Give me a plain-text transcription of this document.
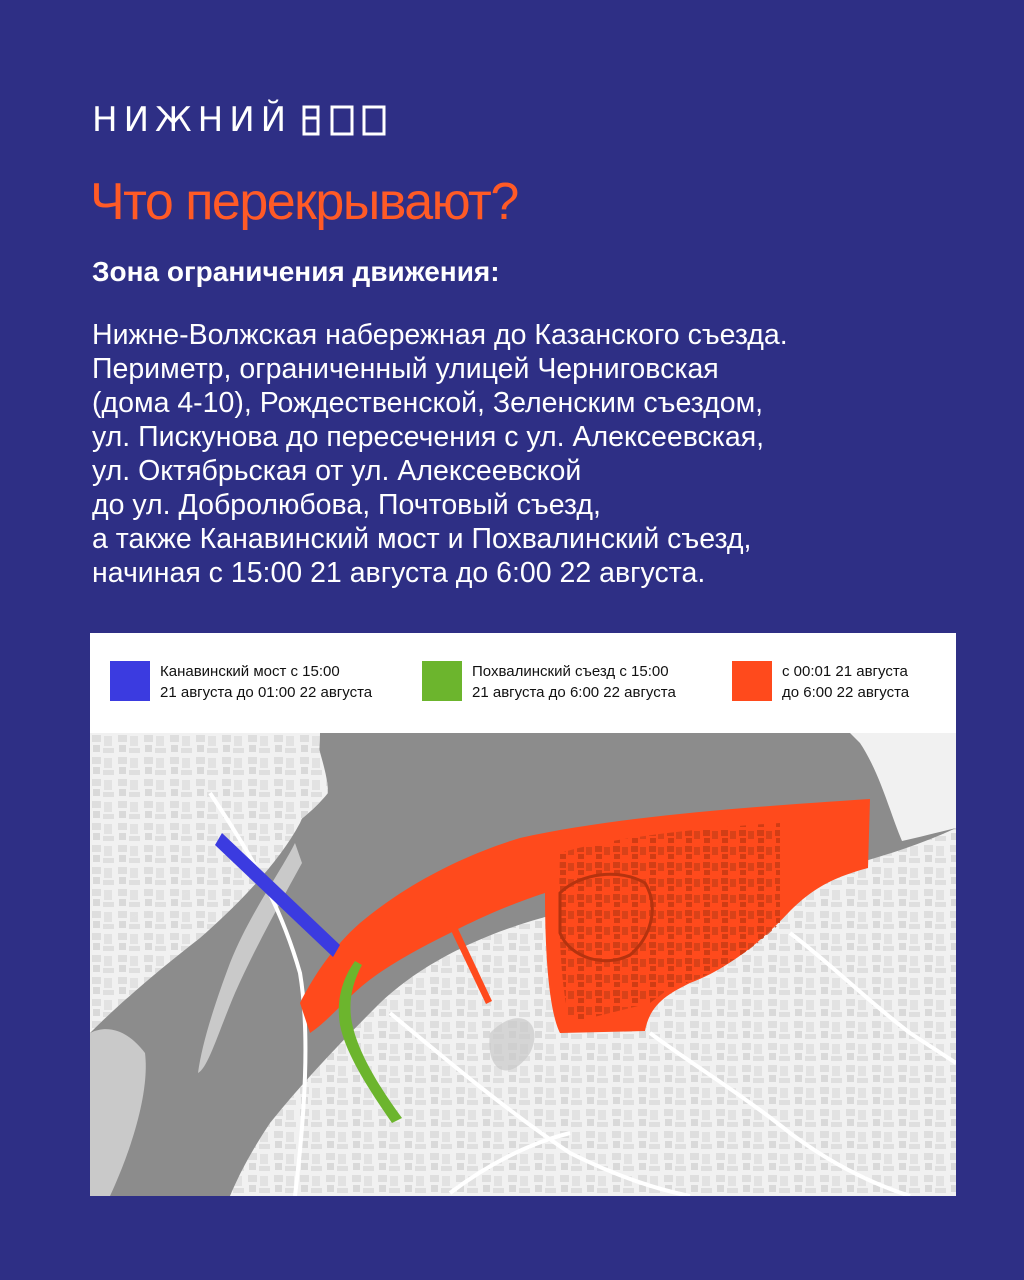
НИЖНИЙ
Что перекрывают?
Зона ограничения движения:

Нижне-Волжская набережная до Казанского съезда.
Периметр, ограниченный улицей Черниговская
(дома 4-10), Рождественской, Зеленским съездом,
ул. Пискунова до пересечения с ул. Алексеевская,
ул. Октябрьская от ул. Алексеевской
до ул. Добролюбова, Почтовый съезд,
а также Канавинский мост и Похвалинский съезд,
начиная с 15:00 21 августа до 6:00 22 августа.

Канавинский мост с 15:00
21 августа до 01:00 22 августа
Похвалинский съезд с 15:00
21 августа до 6:00 22 августа
с 00:01 21 августа
до 6:00 22 августа
